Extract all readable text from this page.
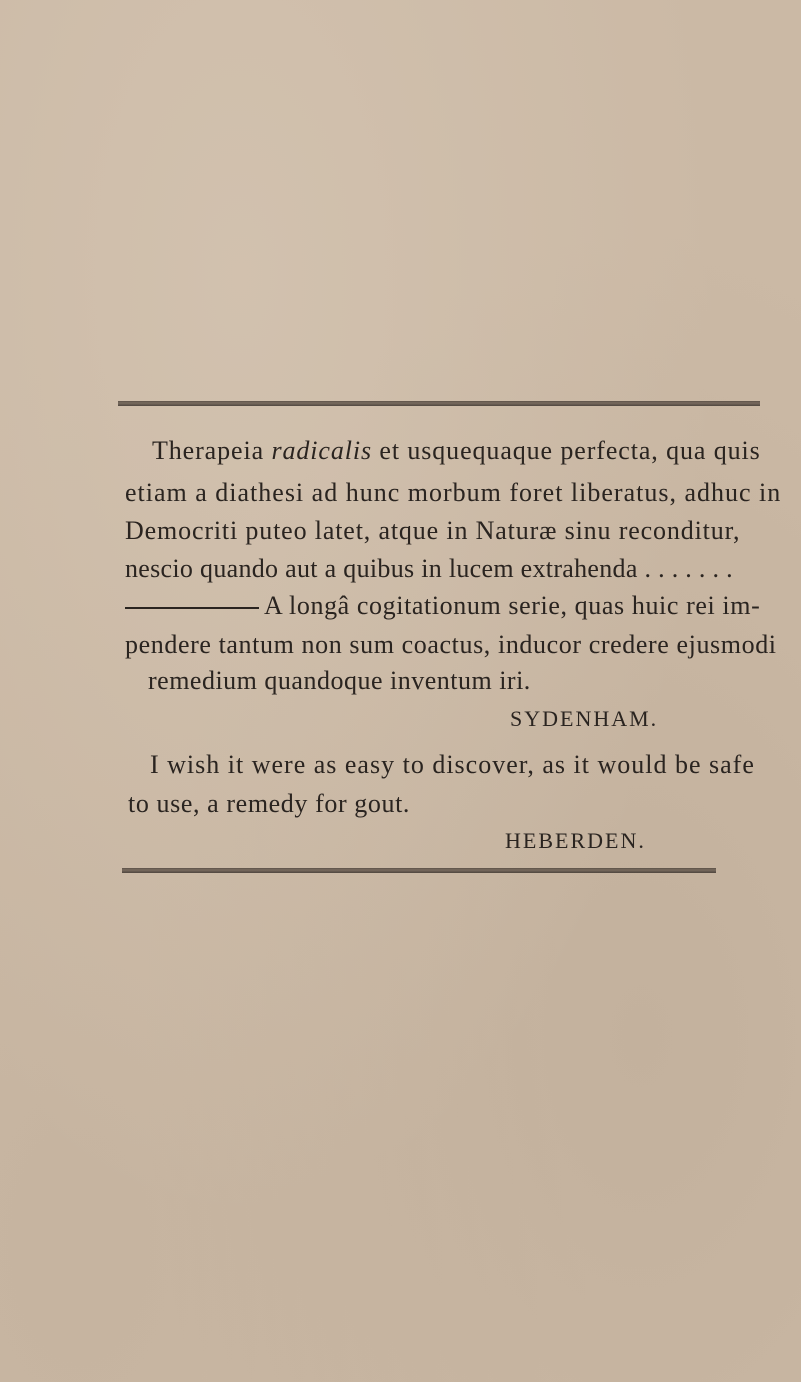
Therapeia radicalis et usquequaque perfecta, qua quis
etiam a diathesi ad hunc morbum foret liberatus, adhuc in
Democriti puteo latet, atque in Naturæ sinu reconditur,
nescio quando aut a quibus in lucem extrahenda . . . . . . .
A longâ cogitationum serie, quas huic rei im-
pendere tantum non sum coactus, inducor credere ejusmodi
remedium quandoque inventum iri.
SYDENHAM.
I wish it were as easy to discover, as it would be safe
to use, a remedy for gout.
HEBERDEN.
